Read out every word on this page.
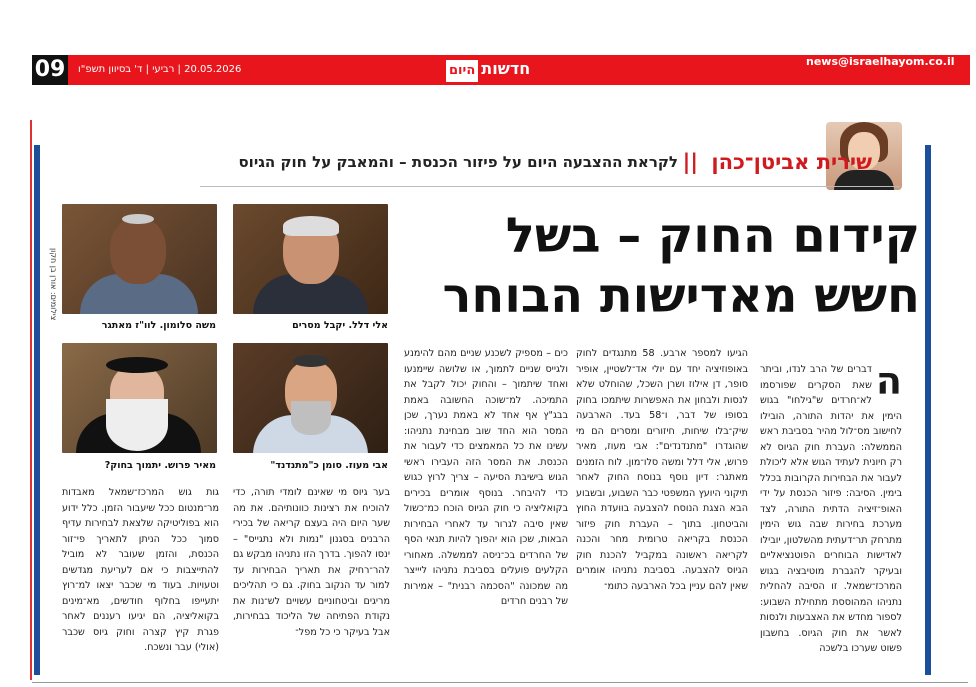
09 20.05.2026 | רביעי | ד' בסיוון תשפ"ו	חדשותהיום
news@israelhayom.co.il
שירית אביטן־כהן
||
לקראת ההצבעה היום על פיזור הכנסת – והמאבק על חוק הגיוס
קידום החוק – בשל חשש מאדישות הבוחר
ה
דברים של הרב לנדו, וביתר שאת הסקרים שפורסמו לא־חרדים ש"גילחו" בגוש הימין את יהדות התורה, הובילו לחישוב מס־לול מהיר בסביבת ראש הממשלה: העברת חוק הגיוס לא רק חיונית לעתיד הגוש אלא ליכולת לעבור את הבחירות הקרובות בכלל בימין. הסיבה: פיזור הכנסת על ידי האופ־זיציה הדתית התורה, לצד מערכת בחירות שבה גוש הימין מתרחק תר־דעתית מהשלטון, יובילו לאדישות הבוחרים הפוטנציאליים ובעיקר להגברת מוטיבציה בגוש המרכז־שמאל. זו הסיבה להחלית נתניהו המהוססת מתחילת השבוע: לספור מחדש את האצבעות ולנסות לאשר את חוק הגיוס. בחשבון פשוט שערכו בלשכה
הגיעו למספר ארבע. 58 מתנגדים לחוק באופוזיציה יחד עם יולי אד־לשטיין, אופיר סופר, דן אילוז ושרן השכל, שהוחלט שלא לנסות ולבחון את האפשרות שיתמכו בחוק בסופו של דבר, ו־58 בעד. הארבעה שיק־בלו שיחות, חיזורים ומסרים הם מי שהוגדרו "מתנדנדים": אבי מעוז, מאיר פרוש, אלי דלל ומשה סלו־מון. לוח הזמנים מאתגר: דיון נוסף בנוסח החוק לאחר תיקוני היועץ המשפטי כבר השבוע, ובשבוע הבא הצגת הנוסח להצבעה בוועדת החוץ והביטחון. בתוך – העברת חוק פיזור הכנסת בקריאה טרומית מחר והכנה לקריאה ראשונה במקביל להכנת חוק הגיוס להצבעה. בסביבת נתניהו אומרים שאין להם עניין בכל הארבעה כתומ־
כים – מספיק לשכנע שניים מהם להימנע ולגייס שניים לתמוך, או שלושה שיימנעו ואחד שיתמוך – והחוק יכול לקבל את התמיכה. למ־שוכה החשובה באמת בבג"ץ אף אחד לא באמת נערך, שכן המסר הוא החד שוב מבחינת נתניהו: עשינו את כל המאמצים כדי לעבור את הכנסת. את המסר הזה העבירו ראשי הגוש בישיבת הסיעה – צריך לרוץ כגוש כדי להיבחר. בנוסף אומרים בכירים בקואליציה כי חוק הגיוס הוכח כמ־כשול שאין סיבה לגרור עד לאחרי הבחירות הבאות, שכן הוא יהפוך להיות תנאי הסף של החרדים בכ־ניסה לממשלה. מאחורי הקלעים פועלים בסביבת נתניהו ליייצר מה שמכונה "הסכמה רבנית" – אמירות של רבנים חרדים
אלי דלל. יקבל מסרים
משה סלומון. לוו"ז מאתגר
אבי מעוז. סומן כ"מתנדנד"
מאיר פרוש. יתמוך בחוק?
צילומים: אורן בן חקון
בער גיוס מי שאינם לומדי תורה, כדי להוכיח את רצינות כוונותיהם. את מה שער היום היה בעצם קריאה של בכירי הרבנים בסגנון "נמות ולא נתגייס" – ינסו להפוך. בדרך הזו נתניהו מבקש גם להר־רחיק את תאריך הבחירות עד למור עד הנקוב בחוק. גם כי תהליכים מריגים וביטחוניים עשויים לש־נות את נקודת הפתיחה של הליכוד בבחירות, אבל בעיקר כי כל מפל־
גות גוש המרכז־שמאל מאבדות מר־מנטום ככל שיעבור הזמן. כלל ידוע הוא בפוליטיקה שלצאת לבחירות עדיף סמוך ככל הניתן לתאריך פי־זור הכנסת, והזמן שעובר לא מוביל להתייצבות כי אם לעריעת מגדשים וטעויות. בעוד מי שכבר יצאו למ־רוץ יתעייפו בחלוף חודשים, מא־מינים בקואליציה, הם יגיעו רעננים לאחר פגרת קיץ קצרה וחוק גיוס שכבר (אולי) עבר ונשכח.
